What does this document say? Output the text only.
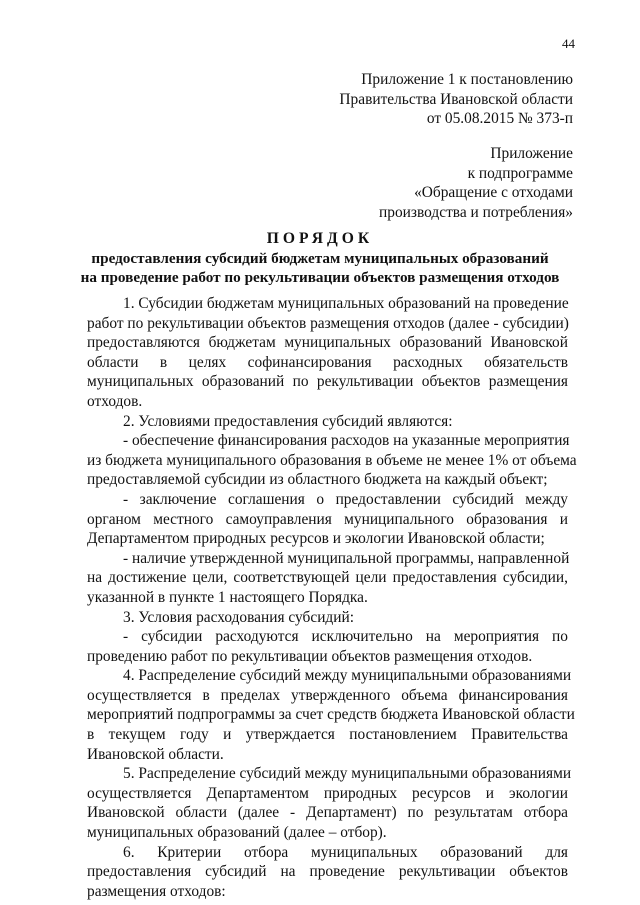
44
Приложение 1 к постановлению
Правительства Ивановской области
от 05.08.2015 № 373-п
Приложение
к подпрограмме
«Обращение с отходами
производства и потребления»
ПОРЯДОК
предоставления субсидий бюджетам муниципальных образований
на проведение работ по рекультивации объектов размещения отходов
1. Субсидии бюджетам муниципальных образований на проведение
работ по рекультивации объектов размещения отходов (далее - субсидии)
предоставляются бюджетам муниципальных образований Ивановской
области в целях софинансирования расходных обязательств
муниципальных образований по рекультивации объектов размещения
отходов.
2. Условиями предоставления субсидий являются:
- обеспечение финансирования расходов на указанные мероприятия
из бюджета муниципального образования в объеме не менее 1% от объема
предоставляемой субсидии из областного бюджета на каждый объект;
- заключение соглашения о предоставлении субсидий между
органом местного самоуправления муниципального образования и
Департаментом природных ресурсов и экологии Ивановской области;
- наличие утвержденной муниципальной программы, направленной
на достижение цели, соответствующей цели предоставления субсидии,
указанной в пункте 1 настоящего Порядка.
3. Условия расходования субсидий:
- субсидии расходуются исключительно на мероприятия по
проведению работ по рекультивации объектов размещения отходов.
4. Распределение субсидий между муниципальными образованиями
осуществляется в пределах утвержденного объема финансирования
мероприятий подпрограммы за счет средств бюджета Ивановской области
в текущем году и утверждается постановлением Правительства
Ивановской области.
5. Распределение субсидий между муниципальными образованиями
осуществляется Департаментом природных ресурсов и экологии
Ивановской области (далее - Департамент) по результатам отбора
муниципальных образований (далее – отбор).
6. Критерии отбора муниципальных образований для
предоставления субсидий на проведение рекультивации объектов
размещения отходов:
